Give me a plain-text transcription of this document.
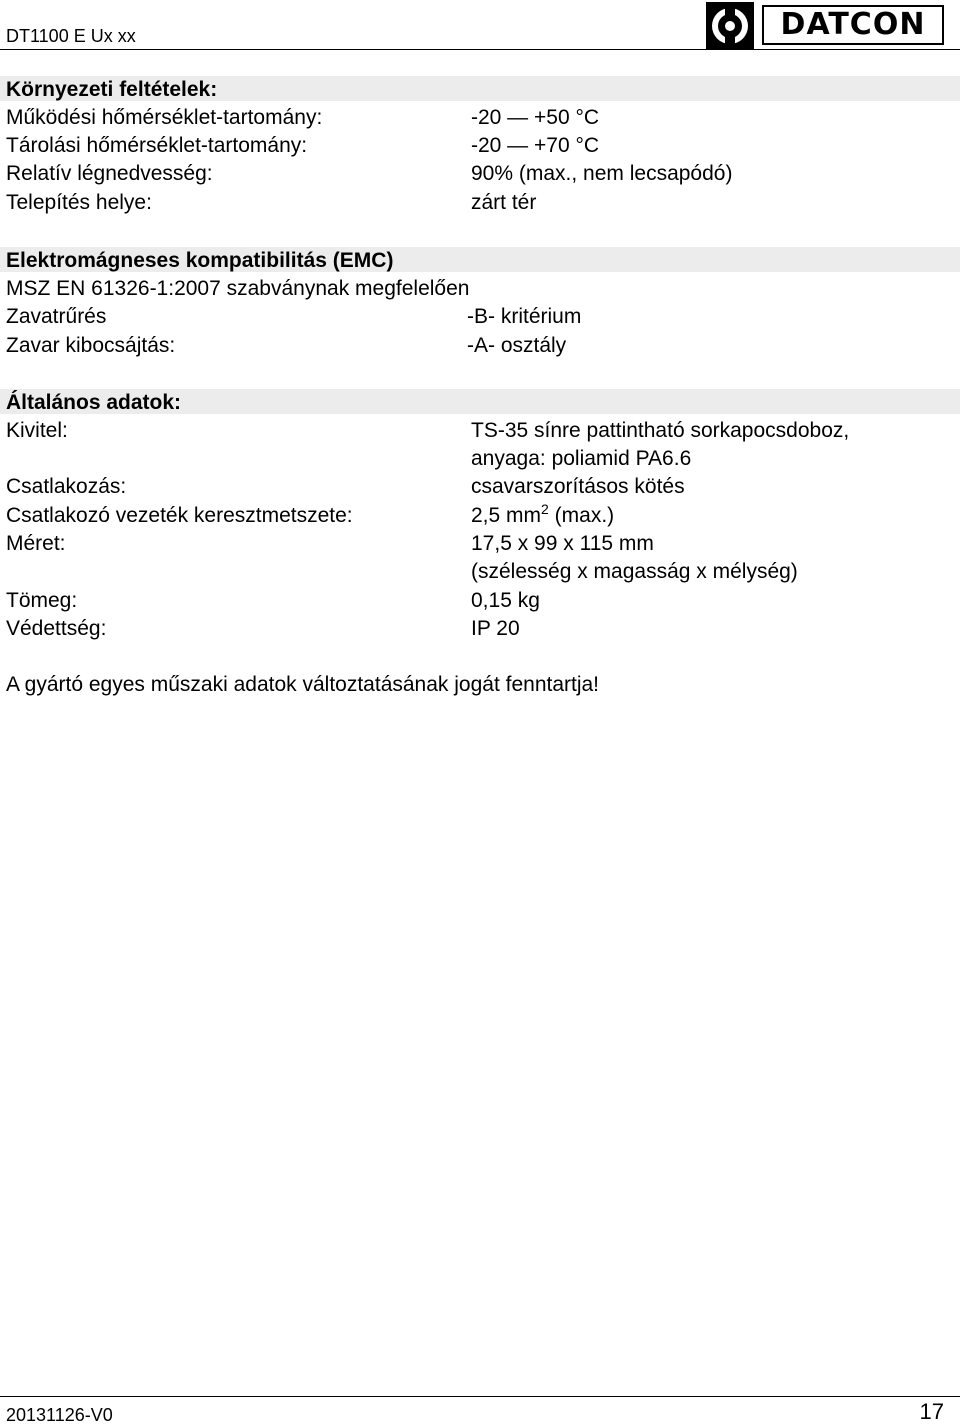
DT1100 E Ux xx	DATCON
Környezeti feltételek:
Működési hőmérséklet-tartomány:	-20 — +50 °C
Tárolási hőmérséklet-tartomány:	-20 — +70 °C
Relatív légnedvesség:	90% (max., nem lecsapódó)
Telepítés helye:	zárt tér
Elektromágneses kompatibilitás (EMC)
MSZ EN 61326-1:2007 szabványnak megfelelően
Zavatrűrés	-B- kritérium
Zavar kibocsájtás:	-A- osztály
Általános adatok:
Kivitel:	TS-35 sínre pattintható sorkapocsdoboz,
anyaga: poliamid PA6.6
Csatlakozás:	csavarszorításos kötés
Csatlakozó vezeték keresztmetszete:	2,5 $mm^2$ (max.)
Méret:	17,5 x 99 x 115 mm
(szélesség x magasság x mélység)
Tömeg:	0,15 kg
Védettség:	IP 20
A gyártó egyes műszaki adatok változtatásának jogát fenntartja!
20131126-V0	17
